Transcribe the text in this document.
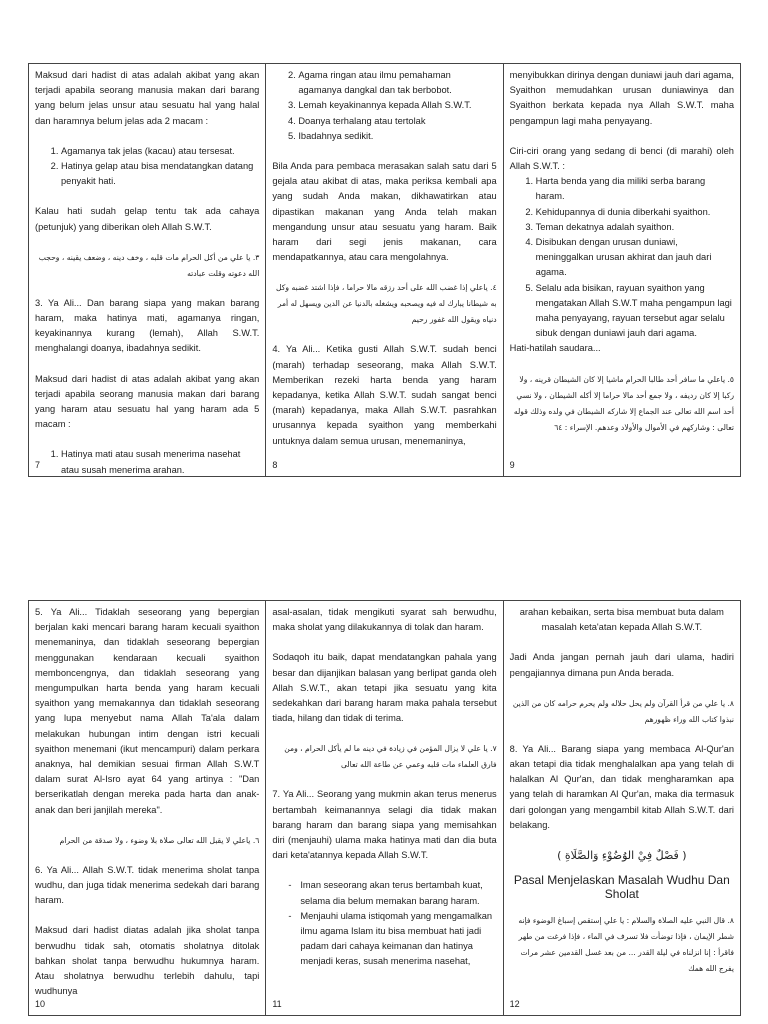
Maksud dari hadist di atas adalah akibat yang akan terjadi apabila seorang manusia makan dari barang yang belum jelas unsur atau sesuatu hal yang halal dan haramnya belum jelas ada 2 macam :

1. Agamanya tak jelas (kacau) atau tersesat.
2. Hatinya gelap atau bisa mendatangkan datang penyakit hati.

Kalau hati sudah gelap tentu tak ada cahaya (petunjuk) yang diberikan oleh Allah S.W.T.

٣. يا علي من أكل الحرام مات قلبه ، وخف دينه ، وضعف يقينه ، وحجب الله دعوته وقلت عبادته

3. Ya Ali... Dan barang siapa yang makan barang haram, maka hatinya mati, agamanya ringan, keyakinannya kurang (lemah), Allah S.W.T. menghalangi doanya, ibadahnya sedikit.

Maksud dari hadist di atas adalah akibat yang akan terjadi apabila seorang manusia makan dari barang yang haram atau sesuatu hal yang haram ada 5 macam :

1. Hatinya mati atau susah menerima nasehat atau susah menerima arahan.
7
2. Agama ringan atau ilmu pemahaman agamanya dangkal dan tak berbobot.
3. Lemah keyakinannya kepada Allah S.W.T.
4. Doanya terhalang atau tertolak
5. Ibadahnya sedikit.

Bila Anda para pembaca merasakan salah satu dari 5 gejala atau akibat di atas, maka periksa kembali apa yang sudah Anda makan, dikhawatirkan atau dipastikan makanan yang Anda telah makan mengandung unsur atau sesuatu yang haram. Baik haram dari segi jenis makanan, cara mendapatkannya, atau cara mengolahnya.

٤. ياعلي إذا غضب الله على أحد رزقه مالا حراما ، فإذا اشتد غضبه وكل به شيطانا يبارك له فيه ويصحبه ويشغله بالدنيا عن الدين ويسهل له أمر دنياه ويقول الله غفور رحيم

4. Ya Ali... Ketika gusti Allah S.W.T. sudah benci (marah) terhadap seseorang, maka Allah S.W.T. Memberikan rezeki harta benda yang haram kepadanya, ketika Allah S.W.T. sudah sangat benci (marah) kepadanya, maka Allah S.W.T. pasrahkan urusannya kepada syaithon yang memberkahi untuknya dalam semua urusan, menemaninya,

8

menyibukkan dirinya dengan duniawi jauh dari agama, Syaithon memudahkan urusan duniawinya dan Syaithon berkata kepada nya Allah S.W.T. maha pengampun lagi maha penyayang.

Ciri-ciri orang yang sedang di benci (di marahi) oleh Allah S.W.T. :

1. Harta benda yang dia miliki serba barang haram.
2. Kehidupannya di dunia diberkahi syaithon.
3. Teman dekatnya adalah syaithon.
4. Disibukan dengan urusan duniawi, meninggalkan urusan akhirat dan jauh dari agama.
5. Selalu ada bisikan, rayuan syaithon yang mengatakan Allah S.W.T maha pengampun lagi maha penyayang, rayuan tersebut agar selalu sibuk dengan duniawi jauh dari agama.

Hati-hatilah saudara...

٥. ياعلي ما سافر أحد طالبا الحرام ماشيا إلا كان الشيطان قرينه ، ولا ركبا إلا كان رديفه ، ولا جمع أحد مالا حراما إلا أكله الشيطان ، ولا نسي أحد اسم الله تعالى عند الجماع إلا شاركه الشيطان في ولده وذلك قوله تعالى : وشاركهم في الأموال والأولاد وعدهم. الإسراء : ٦٤

9

5. Ya Ali... Tidaklah seseorang yang bepergian berjalan kaki mencari barang haram kecuali syaithon menemaninya, dan tidaklah seseorang bepergian menggunakan kendaraan kecuali syaithon memboncengnya, dan tidaklah seseorang yang mengumpulkan harta benda yang haram kecuali syaithon yang memakannya dan tidaklah seseorang yang lupa menyebut nama Allah Ta'ala dalam melakukan hubungan intim dengan istri kecuali syaithon menemani (ikut mencampuri) dalam perkara anaknya, hal demikian sesuai firman Allah S.W.T dalam surat Al-Isro ayat 64 yang artinya : "Dan berserikatlah dengan mereka pada harta dan anak-anak dan beri janjilah mereka".

٦. ياعلي لا يقبل الله تعالى صلاة بلا وضوء ، ولا صدقة من الحرام

6. Ya Ali... Allah S.W.T. tidak menerima sholat tanpa wudhu, dan juga tidak menerima sedekah dari barang haram.

Maksud dari hadist diatas adalah jika sholat tanpa berwudhu tidak sah, otomatis sholatnya ditolak bahkan sholat tanpa berwudhu hukumnya haram. Atau sholatnya berwudhu terlebih dahulu, tapi wudhunya

10

asal-asalan, tidak mengikuti syarat sah berwudhu, maka sholat yang dilakukannya di tolak dan haram.

Sodaqoh itu baik, dapat mendatangkan pahala yang besar dan dijanjikan balasan yang berlipat ganda oleh Allah S.W.T., akan tetapi jika sesuatu yang kita sedekahkan dari barang haram maka pahala tersebut tiada, hilang dan tidak di terima.

٧. يا علي لا يزال المؤمن في زيادة في دينه ما لم يأكل الحرام ، ومن فارق العلماء مات قلبه وعمي عن طاعة الله تعالى

7. Ya Ali... Seorang yang mukmin akan terus menerus bertambah keimanannya selagi dia tidak makan barang haram dan barang siapa yang memisahkan diri (menjauhi) ulama maka hatinya mati dan dia buta dari keta'atannya kepada Allah S.W.T.

- Iman seseorang akan terus bertambah kuat, selama dia belum memakan barang haram.
- Menjauhi ulama istiqomah yang mengamalkan ilmu agama Islam itu bisa membuat hati jadi padam dari cahaya keimanan dan hatinya menjadi keras, susah menerima nasehat,
11

arahan kebaikan, serta bisa membuat buta dalam masalah keta'atan kepada Allah S.W.T.

Jadi Anda jangan pernah jauh dari ulama, hadiri pengajiannya dimana pun Anda berada.

٨. يا علي من قرأ القرآن ولم يحل حلاله ولم يحرم حرامه كان من الذين نبذوا كتاب الله وراء ظهورهم

8. Ya Ali... Barang siapa yang membaca Al-Qur'an akan tetapi dia tidak menghalalkan apa yang telah di halalkan Al Qur'an, dan tidak mengharamkan apa yang telah di haramkan Al Qur'an, maka dia termasuk dari golongan yang mengambil kitab Allah S.W.T. dari belakang.

( فَصْلٌ فِيْ الوُضُوْءِ وَالصَّلَاةِ )
Pasal Menjelaskan Masalah Wudhu Dan Sholat

٨. قال النبي عليه الصلاة والسلام : يا علي إستقص إسباغ الوضوء فإنه شطر الإيمان ، فإذا توضأت فلا تسرف في الماء ، فإذا فرغت من طهر فاقرأ : إنا انزلناه في ليلة القدر ... من بعد غسل القدمين عشر مرات يفرج الله همك

12
